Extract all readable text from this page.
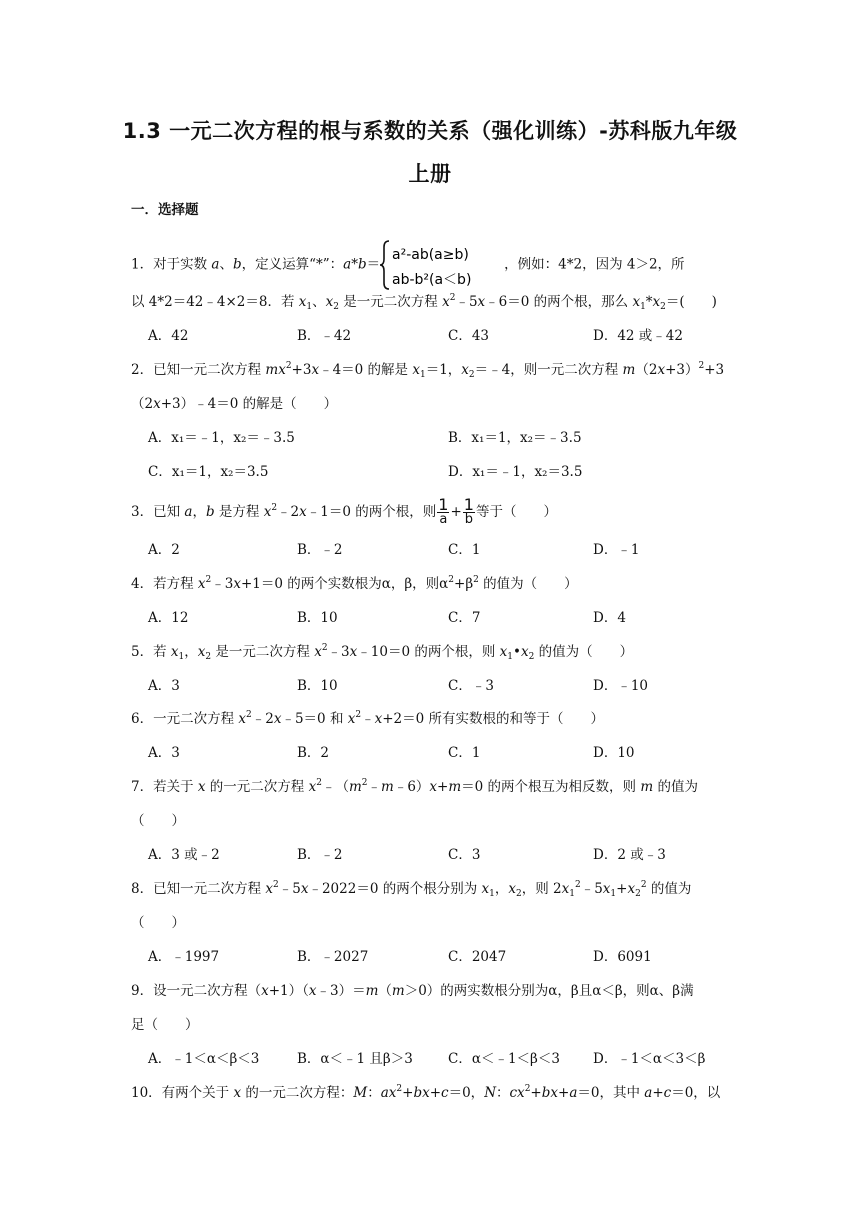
1.3 一元二次方程的根与系数的关系（强化训练）-苏科版九年级
上册
一．选择题
1．对于实数 a、b，定义运算“*”：a*b＝
a²-ab(a≥b)
ab-b²(a＜b)
，例如：4*2，因为 4＞2，所
以 4*2＝42﹣4×2＝8．若 $x_1$、$x_2$ 是一元二次方程 $x^2﹣5x﹣6=0$ 的两个根，那么 $x_1*x_2=$(　　)
A．42	B．﹣42	C．43	D．42 或﹣42
2．已知一元二次方程 $mx^2+3x﹣4=0$ 的解是 $x_1=1$，$x_2=﹣4$，则一元二次方程 $m(2x+3)^2+3$
（2x+3）﹣4＝0 的解是（　　）
A．x₁＝﹣1，x₂＝﹣3.5	B．x₁＝1，x₂＝﹣3.5
C．x₁＝1，x₂＝3.5	D．x₁＝﹣1，x₂＝3.5
3．已知 a，b 是方程 $x^2﹣2x﹣1=0$ 的两个根，则 $\frac{1}{a} + \frac{1}{b}$ 等于（　　）
A．2	B．﹣2	C．1	D．﹣1
4．若方程 $x^2﹣3x+1=0$ 的两个实数根为α，β，则$\alpha^2+\beta^2$ 的值为（　　）
A．12	B．10	C．7	D．4
5．若 $x_1$，$x_2$ 是一元二次方程 $x^2﹣3x﹣10=0$ 的两个根，则 $x_1•x_2$ 的值为（　　）
A．3	B．10	C．﹣3	D．﹣10
6．一元二次方程 $x^2﹣2x﹣5=0$ 和 $x^2﹣x+2=0$ 所有实数根的和等于（　　）
A．3	B．2	C．1	D．10
7．若关于 x 的一元二次方程 $x^2﹣(m^2﹣m﹣6)x+m=0$ 的两个根互为相反数，则 m 的值为
（　　）
A．3 或﹣2	B．﹣2	C．3	D．2 或﹣3
8．已知一元二次方程 $x^2﹣5x﹣2022=0$ 的两个根分别为 $x_1$，$x_2$，则 $2x_1^2﹣5x_1+x_2^2$ 的值为
（　　）
A．﹣1997	B．﹣2027	C．2047	D．6091
9．设一元二次方程（x+1）（x﹣3）＝m（m＞0）的两实数根分别为α，β且α＜β，则α、β满
足（　　）
A．﹣1＜α＜β＜3	B．α＜﹣1 且β＞3	C．α＜﹣1＜β＜3 D．﹣1＜α＜3＜β
10．有两个关于 x 的一元二次方程：M：$ax^2+bx+c=0$，N：$cx^2+bx+a=0$，其中 a+c＝0，以
